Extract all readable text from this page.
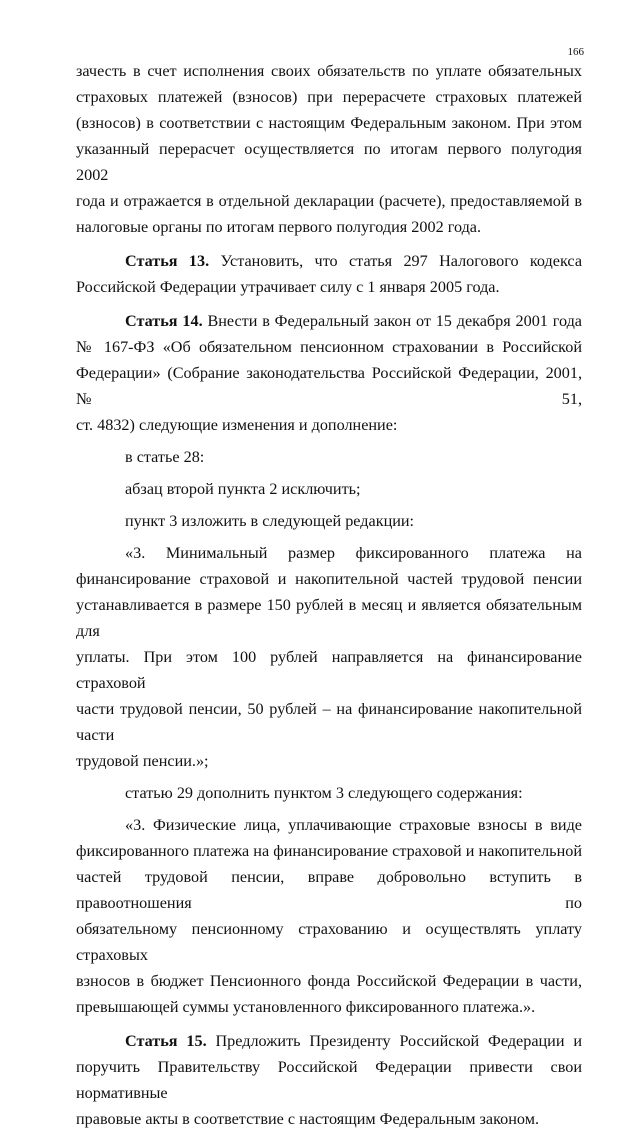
166
зачесть в счет исполнения своих обязательств по уплате обязательных
страховых платежей (взносов) при перерасчете страховых платежей
(взносов) в соответствии с настоящим Федеральным законом. При этом
указанный перерасчет осуществляется по итогам первого полугодия 2002
года и отражается в отдельной декларации (расчете), предоставляемой в
налоговые органы по итогам первого полугодия 2002 года.
Статья 13. Установить, что статья 297 Налогового кодекса
Российской Федерации утрачивает силу с 1 января 2005 года.
Статья 14. Внести в Федеральный закон от 15 декабря 2001 года
№ 167-ФЗ «Об обязательном пенсионном страховании в Российской
Федерации» (Собрание законодательства Российской Федерации, 2001, № 51,
ст. 4832) следующие изменения и дополнение:
в статье 28:
абзац второй пункта 2 исключить;
пункт 3 изложить в следующей редакции:
«3. Минимальный размер фиксированного платежа на
финансирование страховой и накопительной частей трудовой пенсии
устанавливается в размере 150 рублей в месяц и является обязательным для
уплаты. При этом 100 рублей направляется на финансирование страховой
части трудовой пенсии, 50 рублей – на финансирование накопительной части
трудовой пенсии.»;
статью 29 дополнить пунктом 3 следующего содержания:
«3. Физические лица, уплачивающие страховые взносы в виде
фиксированного платежа на финансирование страховой и накопительной
частей трудовой пенсии, вправе добровольно вступить в правоотношения по
обязательному пенсионному страхованию и осуществлять уплату страховых
взносов в бюджет Пенсионного фонда Российской Федерации в части,
превышающей суммы установленного фиксированного платежа.».
Статья 15. Предложить Президенту Российской Федерации и
поручить Правительству Российской Федерации привести свои нормативные
правовые акты в соответствие с настоящим Федеральным законом.
